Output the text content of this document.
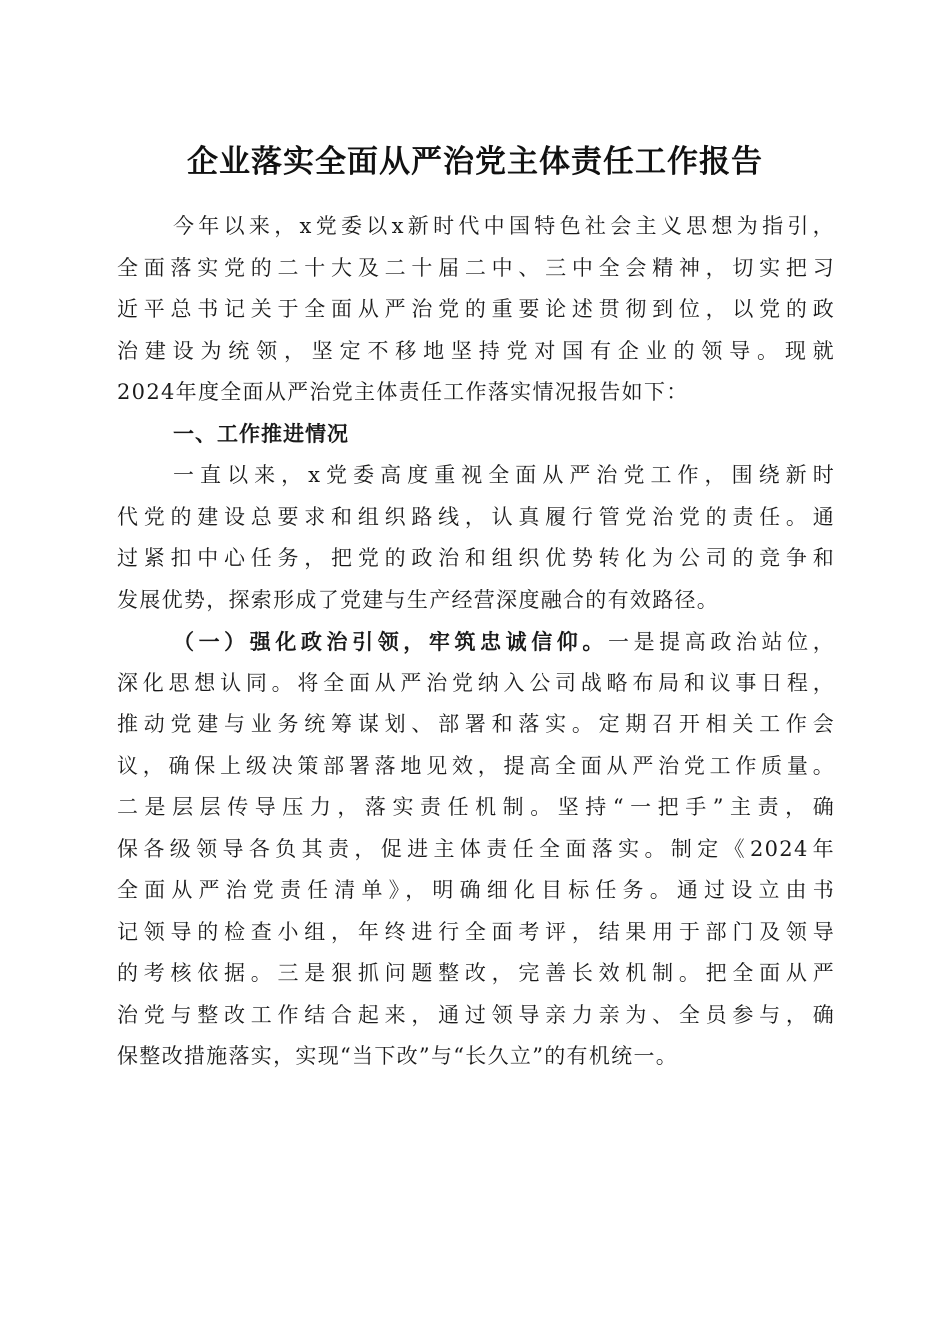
企业落实全面从严治党主体责任工作报告
今年以来，x党委以x新时代中国特色社会主义思想为指引，
全面落实党的二十大及二十届二中、三中全会精神，切实把习
近平总书记关于全面从严治党的重要论述贯彻到位，以党的政
治建设为统领，坚定不移地坚持党对国有企业的领导。现就
2024年度全面从严治党主体责任工作落实情况报告如下：
一、工作推进情况
一直以来，x党委高度重视全面从严治党工作，围绕新时
代党的建设总要求和组织路线，认真履行管党治党的责任。通
过紧扣中心任务，把党的政治和组织优势转化为公司的竞争和
发展优势，探索形成了党建与生产经营深度融合的有效路径。
（一）强化政治引领，牢筑忠诚信仰。一是提高政治站位，
深化思想认同。将全面从严治党纳入公司战略布局和议事日程，
推动党建与业务统筹谋划、部署和落实。定期召开相关工作会
议，确保上级决策部署落地见效，提高全面从严治党工作质量。
二是层层传导压力，落实责任机制。坚持“一把手”主责，确
保各级领导各负其责，促进主体责任全面落实。制定《2024年
全面从严治党责任清单》，明确细化目标任务。通过设立由书
记领导的检查小组，年终进行全面考评，结果用于部门及领导
的考核依据。三是狠抓问题整改，完善长效机制。把全面从严
治党与整改工作结合起来，通过领导亲力亲为、全员参与，确
保整改措施落实，实现“当下改”与“长久立”的有机统一。
